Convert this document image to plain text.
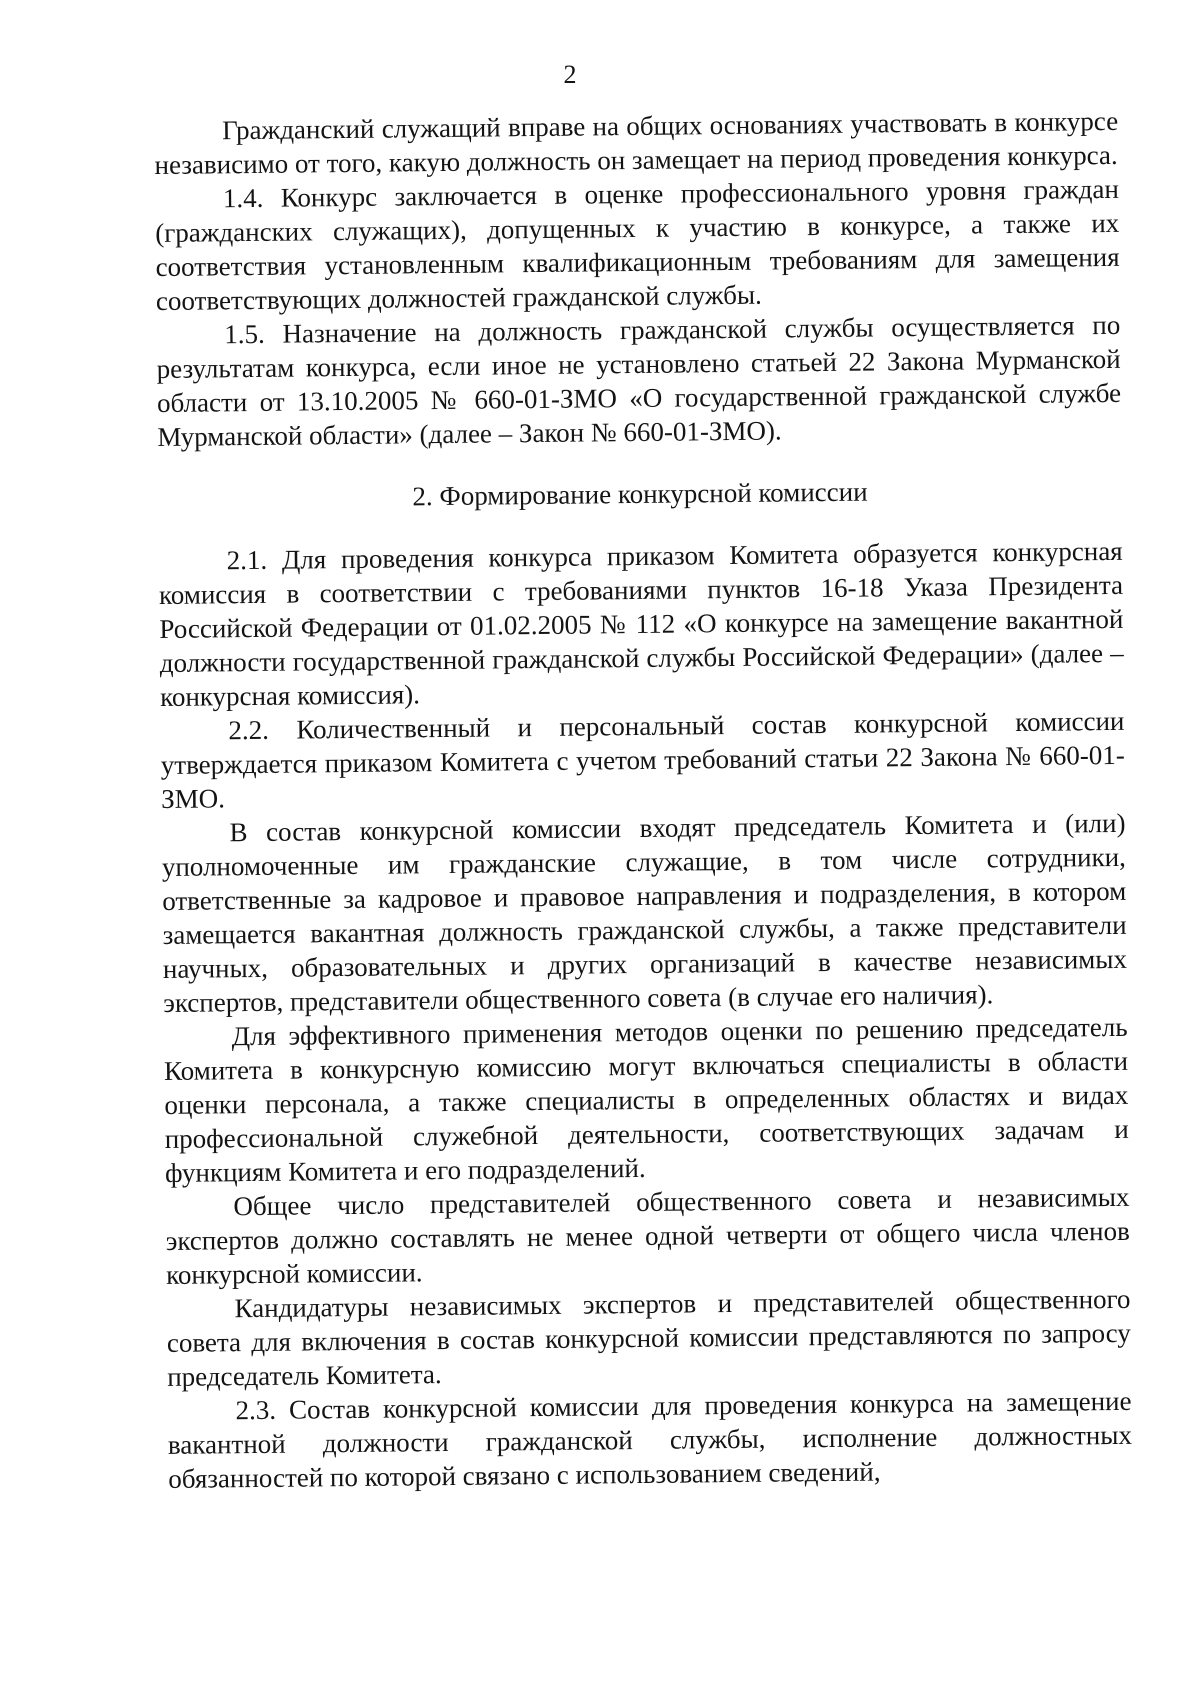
2

Гражданский служащий вправе на общих основаниях участвовать в конкурсе независимо от того, какую должность он замещает на период проведения конкурса.

1.4. Конкурс заключается в оценке профессионального уровня граждан (гражданских служащих), допущенных к участию в конкурсе, а также их соответствия установленным квалификационным требованиям для замещения соответствующих должностей гражданской службы.

1.5. Назначение на должность гражданской службы осуществляется по результатам конкурса, если иное не установлено статьей 22 Закона Мурманской области от 13.10.2005 № 660-01-ЗМО «О государственной гражданской службе Мурманской области» (далее – Закон № 660-01-ЗМО).

2. Формирование конкурсной комиссии

2.1. Для проведения конкурса приказом Комитета образуется конкурсная комиссия в соответствии с требованиями пунктов 16-18 Указа Президента Российской Федерации от 01.02.2005 № 112 «О конкурсе на замещение вакантной должности государственной гражданской службы Российской Федерации» (далее – конкурсная комиссия).

2.2. Количественный и персональный состав конкурсной комиссии утверждается приказом Комитета с учетом требований статьи 22 Закона № 660-01-ЗМО.

В состав конкурсной комиссии входят председатель Комитета и (или) уполномоченные им гражданские служащие, в том числе сотрудники, ответственные за кадровое и правовое направления и подразделения, в котором замещается вакантная должность гражданской службы, а также представители научных, образовательных и других организаций в качестве независимых экспертов, представители общественного совета (в случае его наличия).

Для эффективного применения методов оценки по решению председатель Комитета в конкурсную комиссию могут включаться специалисты в области оценки персонала, а также специалисты в определенных областях и видах профессиональной служебной деятельности, соответствующих задачам и функциям Комитета и его подразделений.

Общее число представителей общественного совета и независимых экспертов должно составлять не менее одной четверти от общего числа членов конкурсной комиссии.

Кандидатуры независимых экспертов и представителей общественного совета для включения в состав конкурсной комиссии представляются по запросу председатель Комитета.

2.3. Состав конкурсной комиссии для проведения конкурса на замещение вакантной должности гражданской службы, исполнение должностных обязанностей по которой связано с использованием сведений,
